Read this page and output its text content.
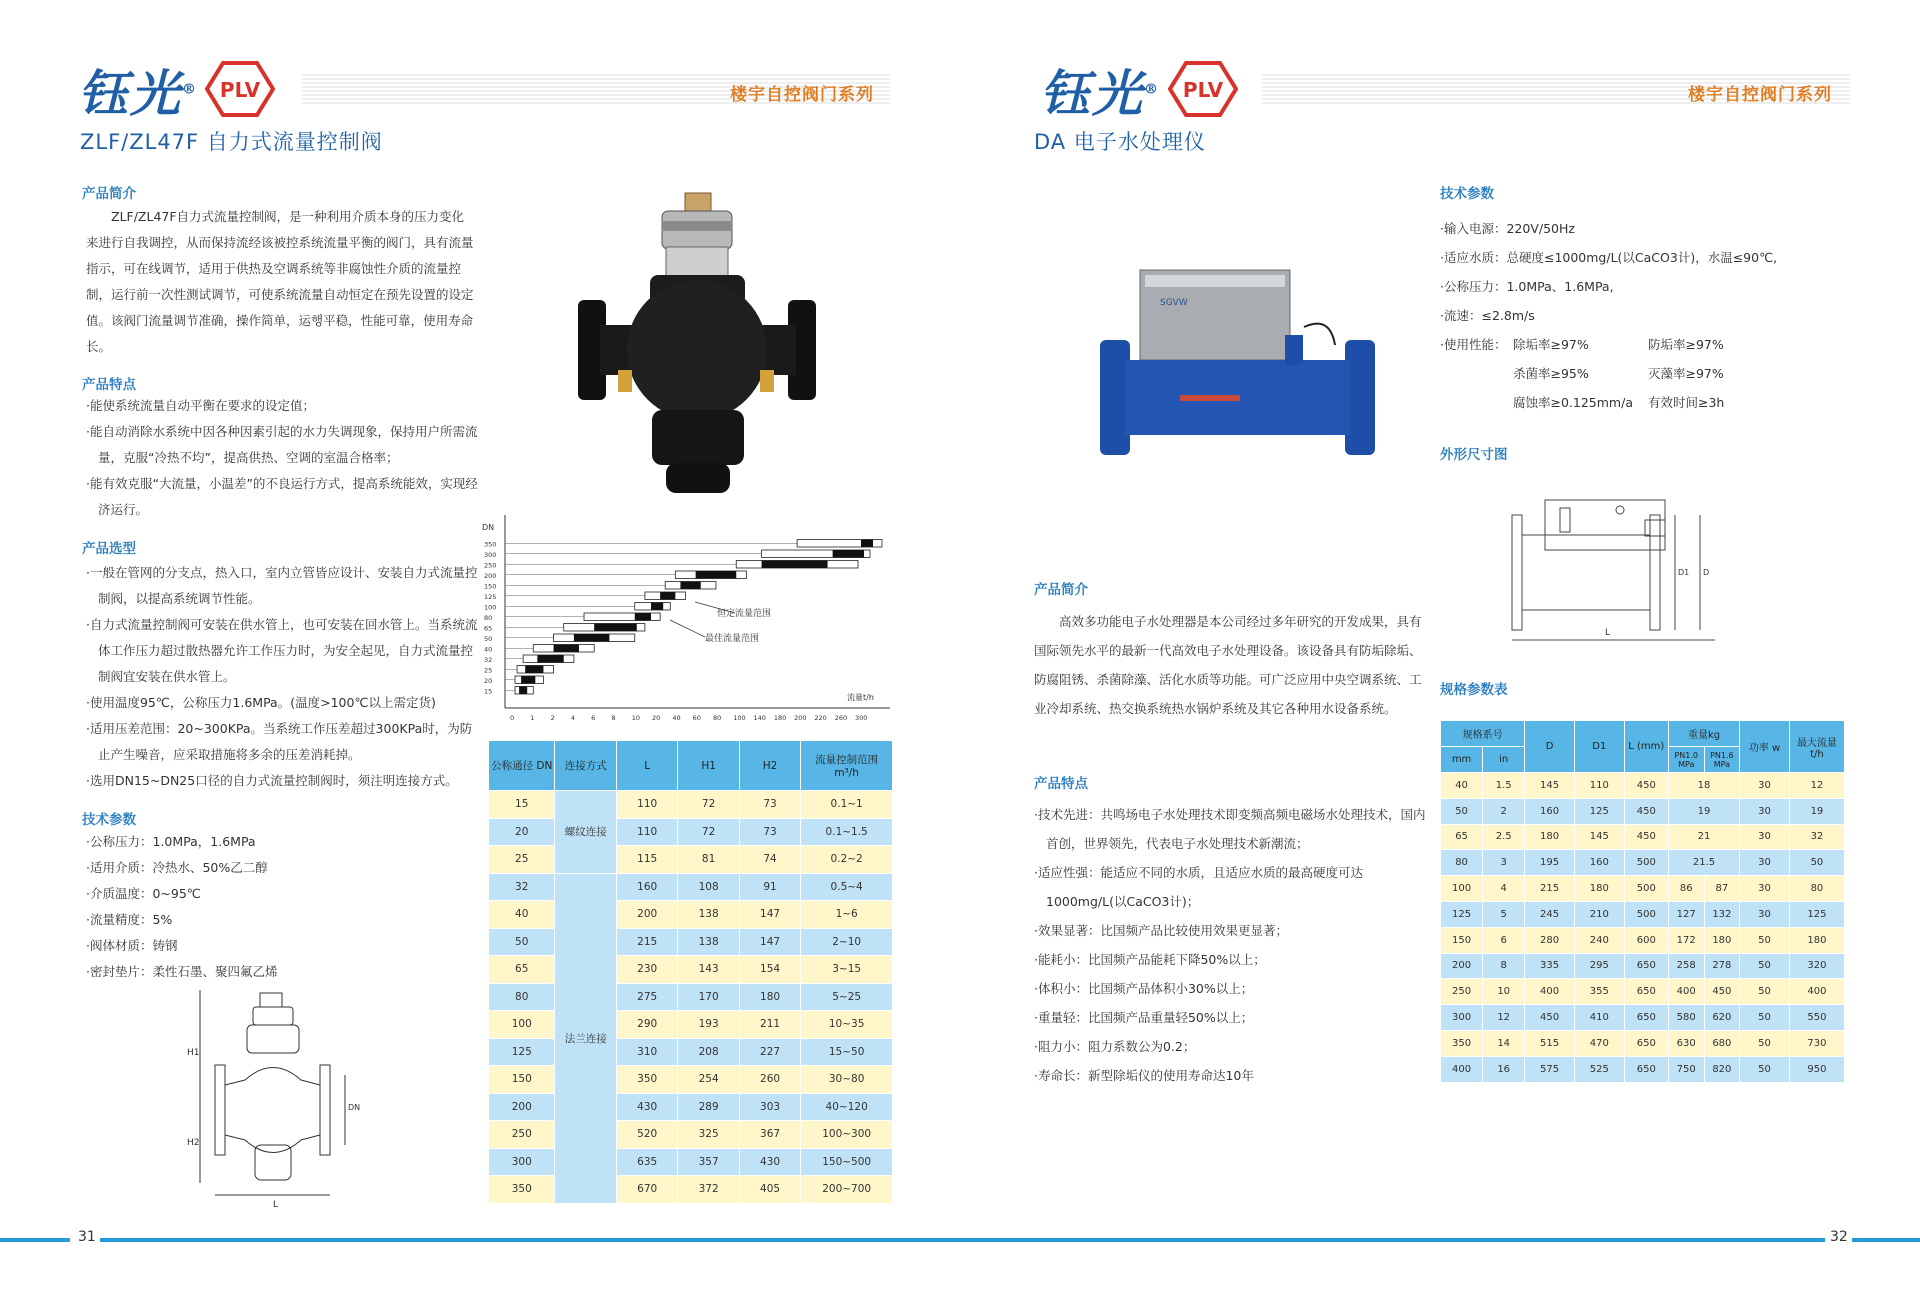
钰光® PLV	楼宇自控阀门系列
ZLF/ZL47F 自力式流量控制阀
产品简介
ZLF/ZL47F自力式流量控制阀，是一种利用介质本身的压力变化来进行自我调控，从而保持流经该被控系统流量平衡的阀门，具有流量指示，可在线调节，适用于供热及空调系统等非腐蚀性介质的流量控制，运行前一次性测试调节，可使系统流量自动恒定在预先设置的设定值。该阀门流量调节准确，操作简单，运행平稳，性能可靠，使用寿命长。
产品特点
·能使系统流量自动平衡在要求的设定值；
·能自动消除水系统中因各种因素引起的水力失调现象，保持用户所需流量，克服“冷热不均”，提高供热、空调的室温合格率；
·能有效克服“大流量，小温差”的不良运行方式，提高系统能效，实现经济运行。
产品选型
·一般在管网的分支点，热入口，室内立管皆应设计、安装自力式流量控制阀，以提高系统调节性能。
·自力式流量控制阀可安装在供水管上，也可安装在回水管上。当系统流体工作压力超过散热器允许工作压力时，为安全起见，自力式流量控制阀宜安装在供水管上。
·使用温度95℃，公称压力1.6MPa。(温度>100℃以上需定货)
·适用压差范围：20~300KPa。当系统工作压差超过300KPa时，为防止产生噪音，应采取措施将多余的压差消耗掉。
·选用DN15~DN25口径的自力式流量控制阀时，须注明连接方式。
技术参数
·公称压力：1.0MPa，1.6MPa
·适用介质：冷热水、50%乙二醇
·介质温度：0~95℃
·流量精度：5%
·阀体材质：铸钢
·密封垫片：柔性石墨、聚四氟乙烯
DN
流量t/h
350
300
250
200
150
125
100
80
65
50
40
32
25
20
15
0 1 2 4 6 8 10 20 40 60 80 100 140 180 200 220 260 300
恒定流量范围
最佳流量范围
H1
H2
DN
L
公称通径 DN	连接方式	L	H1	H2	流量控制范围 m³/h
15	螺纹连接	110	72	73	0.1~1
20		110	72	73	0.1~1.5
25		115	81	74	0.2~2
32	法兰连接	160	108	91	0.5~4
40		200	138	147	1~6
50		215	138	147	2~10
65		230	143	154	3~15
80		275	170	180	5~25
100		290	193	211	10~35
125		310	208	227	15~50
150		350	254	260	30~80
200		430	289	303	40~120
250		520	325	367	100~300
300		635	357	430	150~500
350		670	372	405	200~700
31
钰光® PLV	楼宇自控阀门系列
DA 电子水处理仪
SGVW
技术参数
·输入电源：220V/50Hz
·适应水质：总硬度≤1000mg/L(以CaCO3计)，水温≤90℃,
·公称压力：1.0MPa、1.6MPa,
·流速：≤2.8m/s
·使用性能： 除垢率≥97%	防垢率≥97%
杀菌率≥95%	灭藻率≥97%
腐蚀率≥0.125mm/a	有效时间≥3h
外形尺寸图
L
D1 D
产品简介
高效多功能电子水处理器是本公司经过多年研究的开发成果，具有国际领先水平的最新一代高效电子水处理设备。该设备具有防垢除垢、防腐阻锈、杀菌除藻、活化水质等功能。可广泛应用中央空调系统、工业冷却系统、热交换系统热水锅炉系统及其它各种用水设备系统。
产品特点
·技术先进：共鸣场电子水处理技术即变频高频电磁场水处理技术，国内首创，世界领先，代表电子水处理技术新潮流；
·适应性强：能适应不同的水质，且适应水质的最高硬度可达1000mg/L(以CaCO3计)；
·效果显著：比国频产品比较使用效果更显著；
·能耗小：比国频产品能耗下降50%以上；
·体积小：比国频产品体积小30%以上；
·重量轻：比国频产品重量轻50%以上；
·阻力小：阻力系数公为0.2；
·寿命长：新型除垢仪的使用寿命达10年
规格参数表
规格系号		D	D1	L (mm)	重量kg		功率 w	最大流量 t/h
mm	in				PN1.0 MPa	PN1.6 MPa		
40	1.5	145	110	450	18		30	12
50	2	160	125	450	19		30	19
65	2.5	180	145	450	21		30	32
80	3	195	160	500	21.5		30	50
100	4	215	180	500	86	87	30	80
125	5	245	210	500	127	132	30	125
150	6	280	240	600	172	180	50	180
200	8	335	295	650	258	278	50	320
250	10	400	355	650	400	450	50	400
300	12	450	410	650	580	620	50	550
350	14	515	470	650	630	680	50	730
400	16	575	525	650	750	820	50	950
32
